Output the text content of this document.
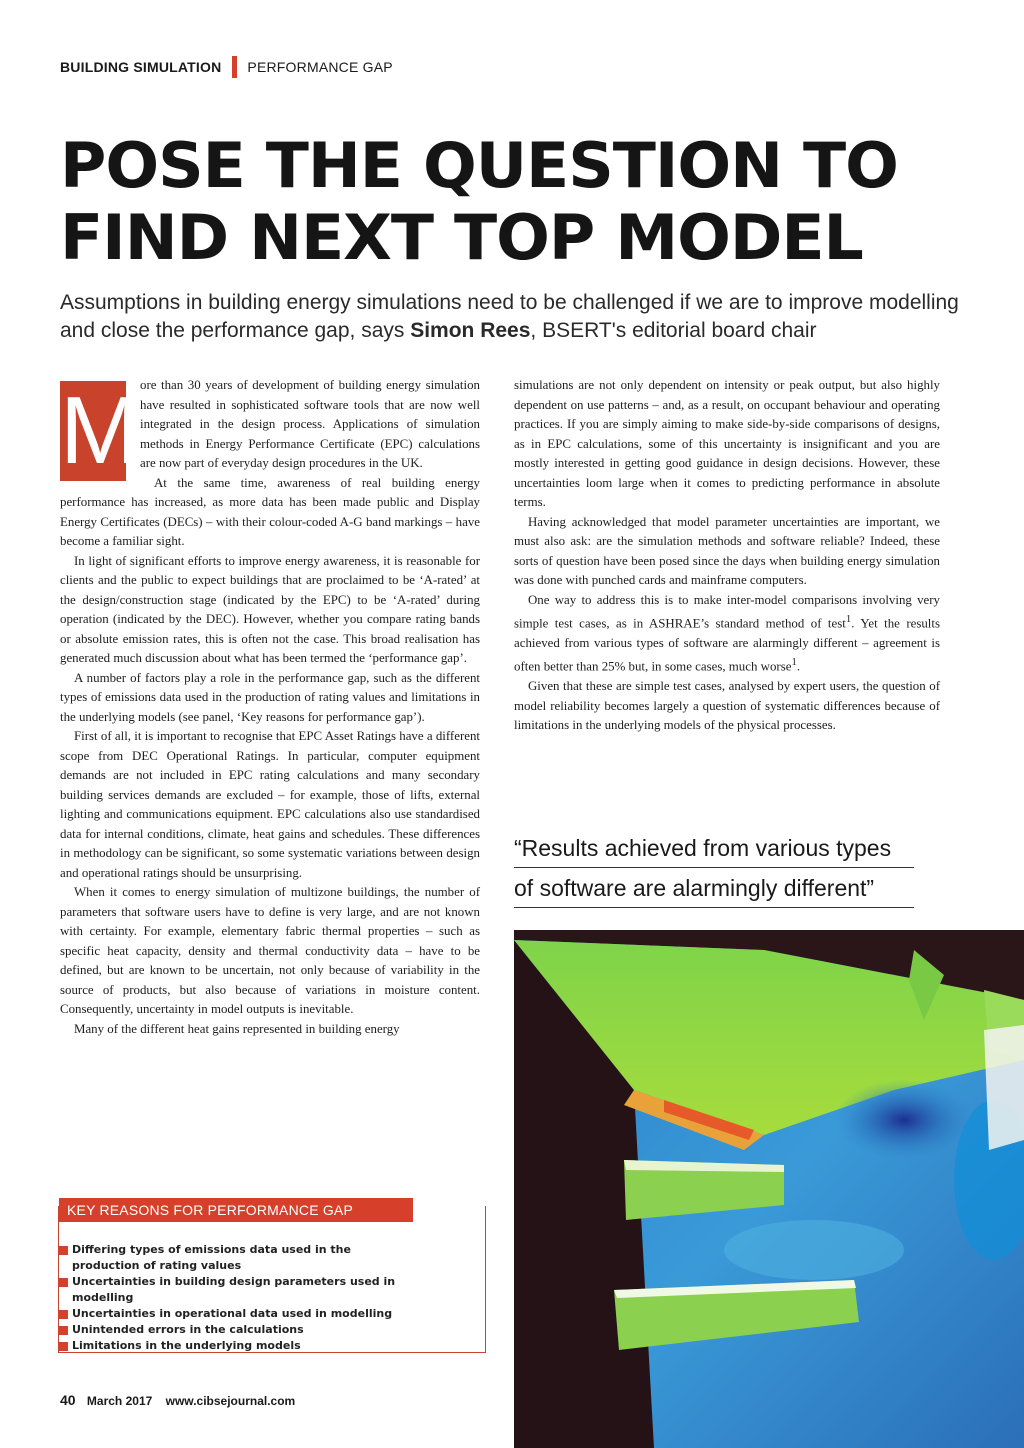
BUILDING SIMULATION PERFORMANCE GAP
POSE THE QUESTION TO
FIND NEXT TOP MODEL

Assumptions in building energy simulations need to be challenged if we are to improve modelling and close the performance gap, says Simon Rees, BSERT's editorial board chair

M ore than 30 years of development of building energy simulation have resulted in sophisticated software tools that are now well integrated in the design process. Applications of simulation methods in Energy Performance Certificate (EPC) calculations are now part of everyday design procedures in the UK.

At the same time, awareness of real building energy performance has increased, as more data has been made public and Display Energy Certificates (DECs) – with their colour-coded A-G band markings – have become a familiar sight.

In light of significant efforts to improve energy awareness, it is reasonable for clients and the public to expect buildings that are proclaimed to be ‘A-rated’ at the design/construction stage (indicated by the EPC) to be ‘A-rated’ during operation (indicated by the DEC). However, whether you compare rating bands or absolute emission rates, this is often not the case. This broad realisation has generated much discussion about what has been termed the ‘performance gap’.

A number of factors play a role in the performance gap, such as the different types of emissions data used in the production of rating values and limitations in the underlying models (see panel, ‘Key reasons for performance gap’).

First of all, it is important to recognise that EPC Asset Ratings have a different scope from DEC Operational Ratings. In particular, computer equipment demands are not included in EPC rating calculations and many secondary building services demands are excluded – for example, those of lifts, external lighting and communications equipment. EPC calculations also use standardised data for internal conditions, climate, heat gains and schedules. These differences in methodology can be significant, so some systematic variations between design and operational ratings should be unsurprising.

When it comes to energy simulation of multizone buildings, the number of parameters that software users have to define is very large, and are not known with certainty. For example, elementary fabric thermal properties – such as specific heat capacity, density and thermal conductivity data – have to be defined, but are known to be uncertain, not only because of variability in the source of products, but also because of variations in moisture content. Consequently, uncertainty in model outputs is inevitable.

Many of the different heat gains represented in building energy

simulations are not only dependent on intensity or peak output, but also highly dependent on use patterns – and, as a result, on occupant behaviour and operating practices. If you are simply aiming to make side-by-side comparisons of designs, as in EPC calculations, some of this uncertainty is insignificant and you are mostly interested in getting good guidance in design decisions. However, these uncertainties loom large when it comes to predicting performance in absolute terms.

Having acknowledged that model parameter uncertainties are important, we must also ask: are the simulation methods and software reliable? Indeed, these sorts of question have been posed since the days when building energy simulation was done with punched cards and mainframe computers.

One way to address this is to make inter-model comparisons involving very simple test cases, as in ASHRAE’s standard method of test$^1$. Yet the results achieved from various types of software are alarmingly different – agreement is often better than 25% but, in some cases, much worse$^1$.

Given that these are simple test cases, analysed by expert users, the question of model reliability becomes largely a question of systematic differences because of limitations in the underlying models of the physical processes.

“Results achieved from various types
of software are alarmingly different”
KEY REASONS FOR PERFORMANCE GAP
Differing types of emissions data used in the production of rating values
Uncertainties in building design parameters used in modelling
Uncertainties in operational data used in modelling
Unintended errors in the calculations
Limitations in the underlying models
40 March 2017 www.cibsejournal.com
